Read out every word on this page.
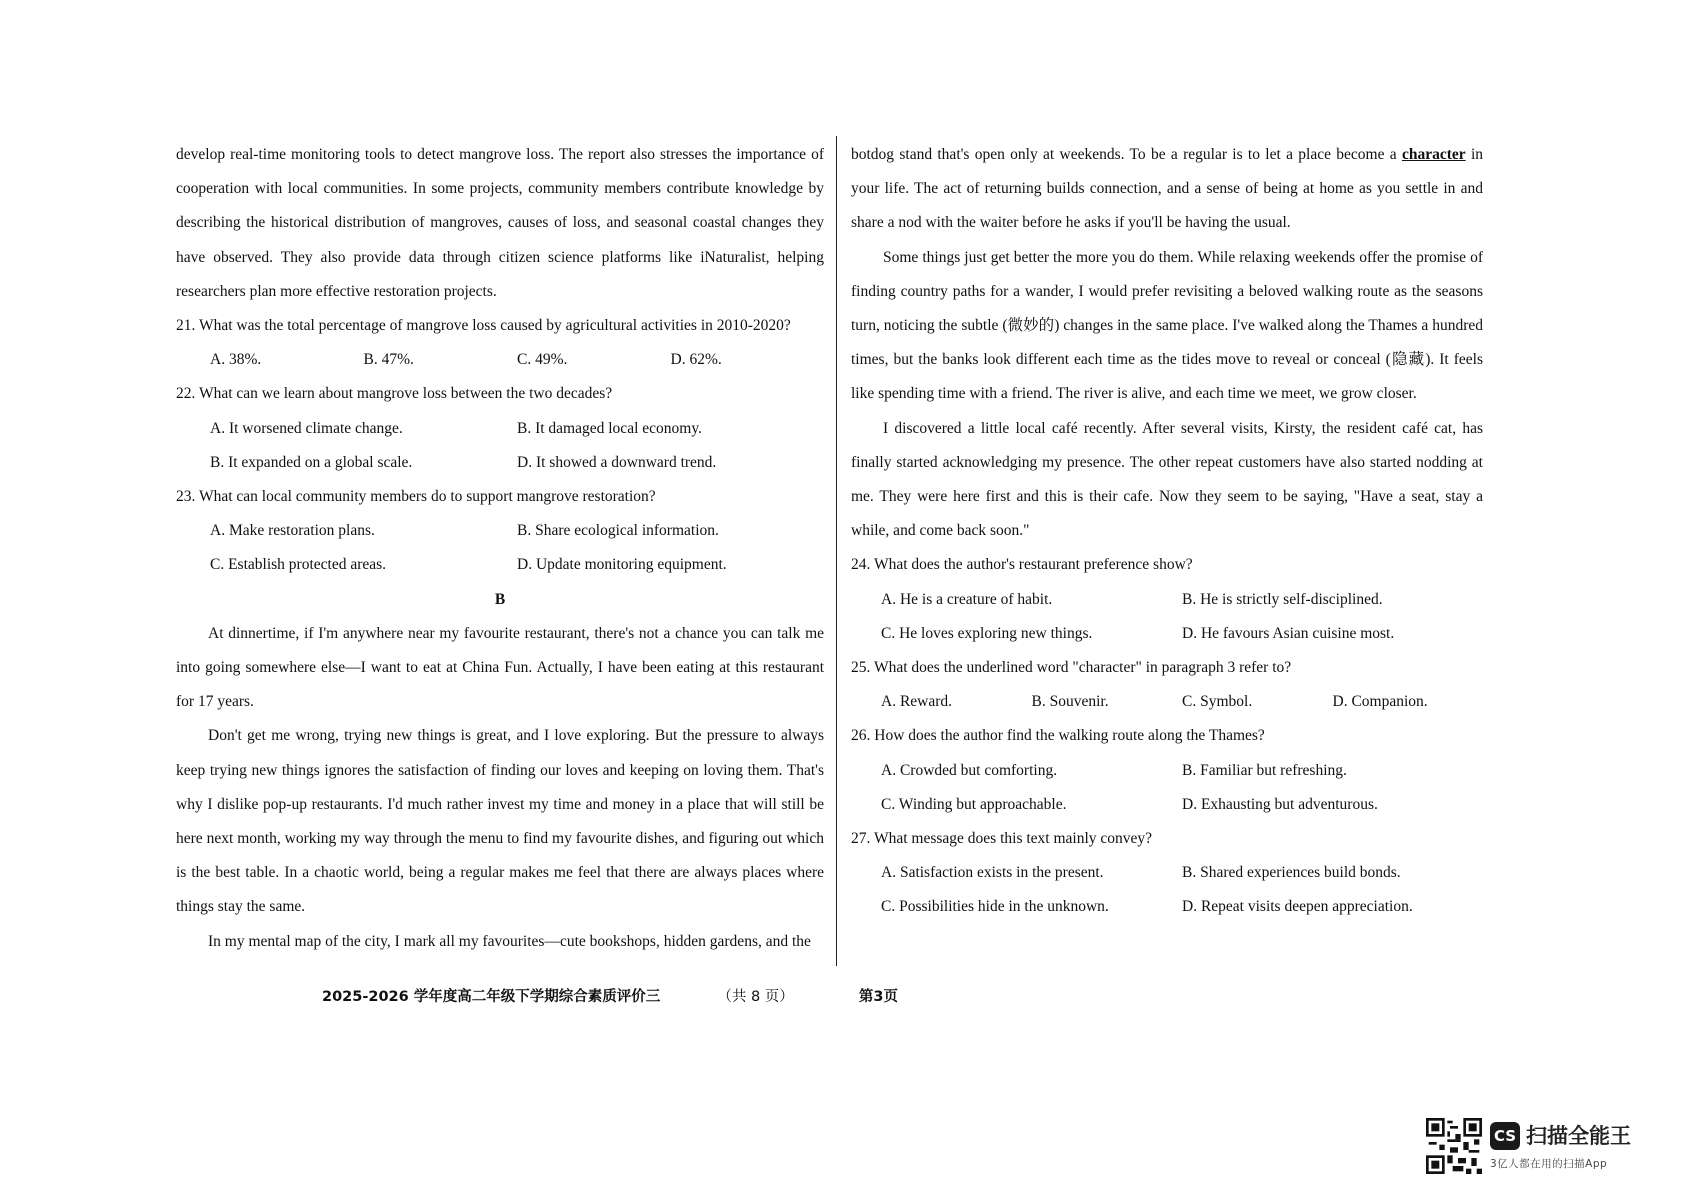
develop real-time monitoring tools to detect mangrove loss. The report also stresses the importance of cooperation with local communities. In some projects, community members contribute knowledge by describing the historical distribution of mangroves, causes of loss, and seasonal coastal changes they have observed. They also provide data through citizen science platforms like iNaturalist, helping researchers plan more effective restoration projects.

21. What was the total percentage of mangrove loss caused by agricultural activities in 2010-2020?

A. 38%.	B. 47%.	C. 49%.	D. 62%.

22. What can we learn about mangrove loss between the two decades?

A. It worsened climate change.	B. It damaged local economy.
B. It expanded on a global scale.	D. It showed a downward trend.

23. What can local community members do to support mangrove restoration?

A. Make restoration plans.	B. Share ecological information.
C. Establish protected areas.	D. Update monitoring equipment.

B

At dinnertime, if I'm anywhere near my favourite restaurant, there's not a chance you can talk me into going somewhere else—I want to eat at China Fun. Actually, I have been eating at this restaurant for 17 years.

Don't get me wrong, trying new things is great, and I love exploring. But the pressure to always keep trying new things ignores the satisfaction of finding our loves and keeping on loving them. That's why I dislike pop-up restaurants. I'd much rather invest my time and money in a place that will still be here next month, working my way through the menu to find my favourite dishes, and figuring out which is the best table. In a chaotic world, being a regular makes me feel that there are always places where things stay the same.

In my mental map of the city, I mark all my favourites—cute bookshops, hidden gardens, and the

botdog stand that's open only at weekends. To be a regular is to let a place become a character in your life. The act of returning builds connection, and a sense of being at home as you settle in and share a nod with the waiter before he asks if you'll be having the usual.

Some things just get better the more you do them. While relaxing weekends offer the promise of finding country paths for a wander, I would prefer revisiting a beloved walking route as the seasons turn, noticing the subtle (微妙的) changes in the same place. I've walked along the Thames a hundred times, but the banks look different each time as the tides move to reveal or conceal (隐藏). It feels like spending time with a friend. The river is alive, and each time we meet, we grow closer.

I discovered a little local café recently. After several visits, Kirsty, the resident café cat, has finally started acknowledging my presence. The other repeat customers have also started nodding at me. They were here first and this is their cafe. Now they seem to be saying, "Have a seat, stay a while, and come back soon."

24. What does the author's restaurant preference show?

A. He is a creature of habit.	B. He is strictly self-disciplined.
C. He loves exploring new things.	D. He favours Asian cuisine most.

25. What does the underlined word "character" in paragraph 3 refer to?

A. Reward.	B. Souvenir.	C. Symbol.	D. Companion.

26. How does the author find the walking route along the Thames?

A. Crowded but comforting.	B. Familiar but refreshing.
C. Winding but approachable.	D. Exhausting but adventurous.

27. What message does this text mainly convey?

A. Satisfaction exists in the present.	B. Shared experiences build bonds.
C. Possibilities hide in the unknown.	D. Repeat visits deepen appreciation.
2025-2026 学年度高二年级下学期综合素质评价三	（共 8 页）	第3页
CS 扫描全能王
3亿人都在用的扫描App
